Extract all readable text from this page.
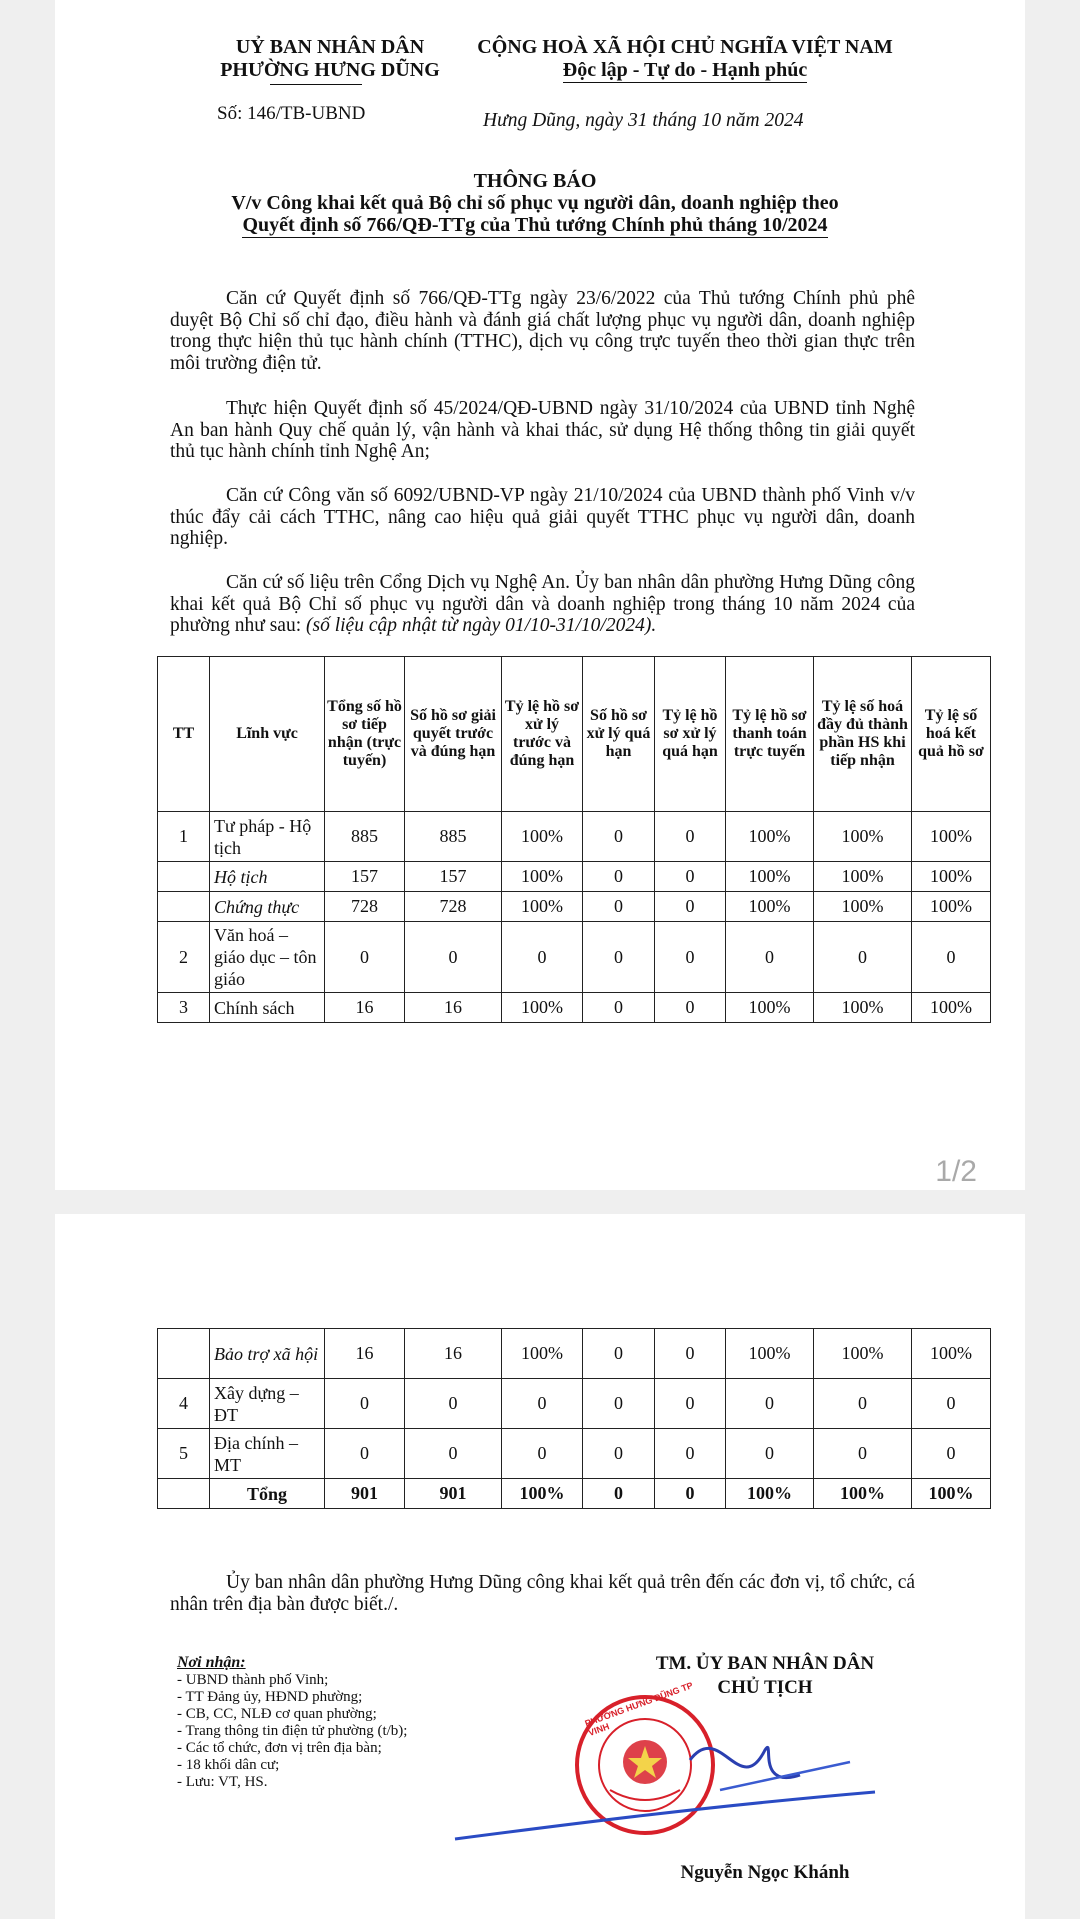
UỶ BAN NHÂN DÂN
PHƯỜNG HƯNG DŨNG
CỘNG HOÀ XÃ HỘI CHỦ NGHĨA VIỆT NAM
Độc lập - Tự do - Hạnh phúc
Số: 146/TB-UBND	Hưng Dũng, ngày 31 tháng 10 năm 2024
THÔNG BÁO
V/v Công khai kết quả Bộ chỉ số phục vụ người dân, doanh nghiệp theo
Quyết định số 766/QĐ-TTg của Thủ tướng Chính phủ tháng 10/2024
Căn cứ Quyết định số 766/QĐ-TTg ngày 23/6/2022 của Thủ tướng Chính phủ phê duyệt Bộ Chỉ số chỉ đạo, điều hành và đánh giá chất lượng phục vụ người dân, doanh nghiệp trong thực hiện thủ tục hành chính (TTHC), dịch vụ công trực tuyến theo thời gian thực trên môi trường điện tử.
Thực hiện Quyết định số 45/2024/QĐ-UBND ngày 31/10/2024 của UBND tỉnh Nghệ An ban hành Quy chế quản lý, vận hành và khai thác, sử dụng Hệ thống thông tin giải quyết thủ tục hành chính tỉnh Nghệ An;
Căn cứ Công văn số 6092/UBND-VP ngày 21/10/2024 của UBND thành phố Vinh v/v thúc đẩy cải cách TTHC, nâng cao hiệu quả giải quyết TTHC phục vụ người dân, doanh nghiệp.
Căn cứ số liệu trên Cổng Dịch vụ Nghệ An. Ủy ban nhân dân phường Hưng Dũng công khai kết quả Bộ Chỉ số phục vụ người dân và doanh nghiệp trong tháng 10 năm 2024 của phường như sau: (số liệu cập nhật từ ngày 01/10-31/10/2024).
TT	Lĩnh vực	Tổng số hồ sơ tiếp nhận (trực tuyến)	Số hồ sơ giải quyết trước và đúng hạn	Tỷ lệ hồ sơ xử lý trước và đúng hạn	Số hồ sơ xử lý quá hạn	Tỷ lệ hồ sơ xử lý quá hạn	Tỷ lệ hồ sơ thanh toán trực tuyến	Tỷ lệ số hoá đầy đủ thành phần HS khi tiếp nhận	Tỷ lệ số hoá kết quả hồ sơ
1	Tư pháp - Hộ tịch	885	885	100%	0	0	100%	100%	100%
	Hộ tịch	157	157	100%	0	0	100%	100%	100%
	Chứng thực	728	728	100%	0	0	100%	100%	100%
2	Văn hoá – giáo dục – tôn giáo	0	0	0	0	0	0	0	0
3	Chính sách	16	16	100%	0	0	100%	100%	100%
1/2
	Bảo trợ xã hội	16	16	100%	0	0	100%	100%	100%
4	Xây dựng – ĐT	0	0	0	0	0	0	0	0
5	Địa chính – MT	0	0	0	0	0	0	0	0
	Tổng	901	901	100%	0	0	100%	100%	100%
Ủy ban nhân dân phường Hưng Dũng công khai kết quả trên đến các đơn vị, tổ chức, cá nhân trên địa bàn được biết./.
Nơi nhận:
- UBND thành phố Vinh;
- TT Đảng ủy, HĐND phường;
- CB, CC, NLĐ cơ quan phường;
- Trang thông tin điện tử phường (t/b);
- Các tổ chức, đơn vị trên địa bàn;
- 18 khối dân cư;
- Lưu: VT, HS.
TM. ỦY BAN NHÂN DÂN
CHỦ TỊCH
PHƯỜNG HƯNG DŨNG TP VINH
Nguyễn Ngọc Khánh
